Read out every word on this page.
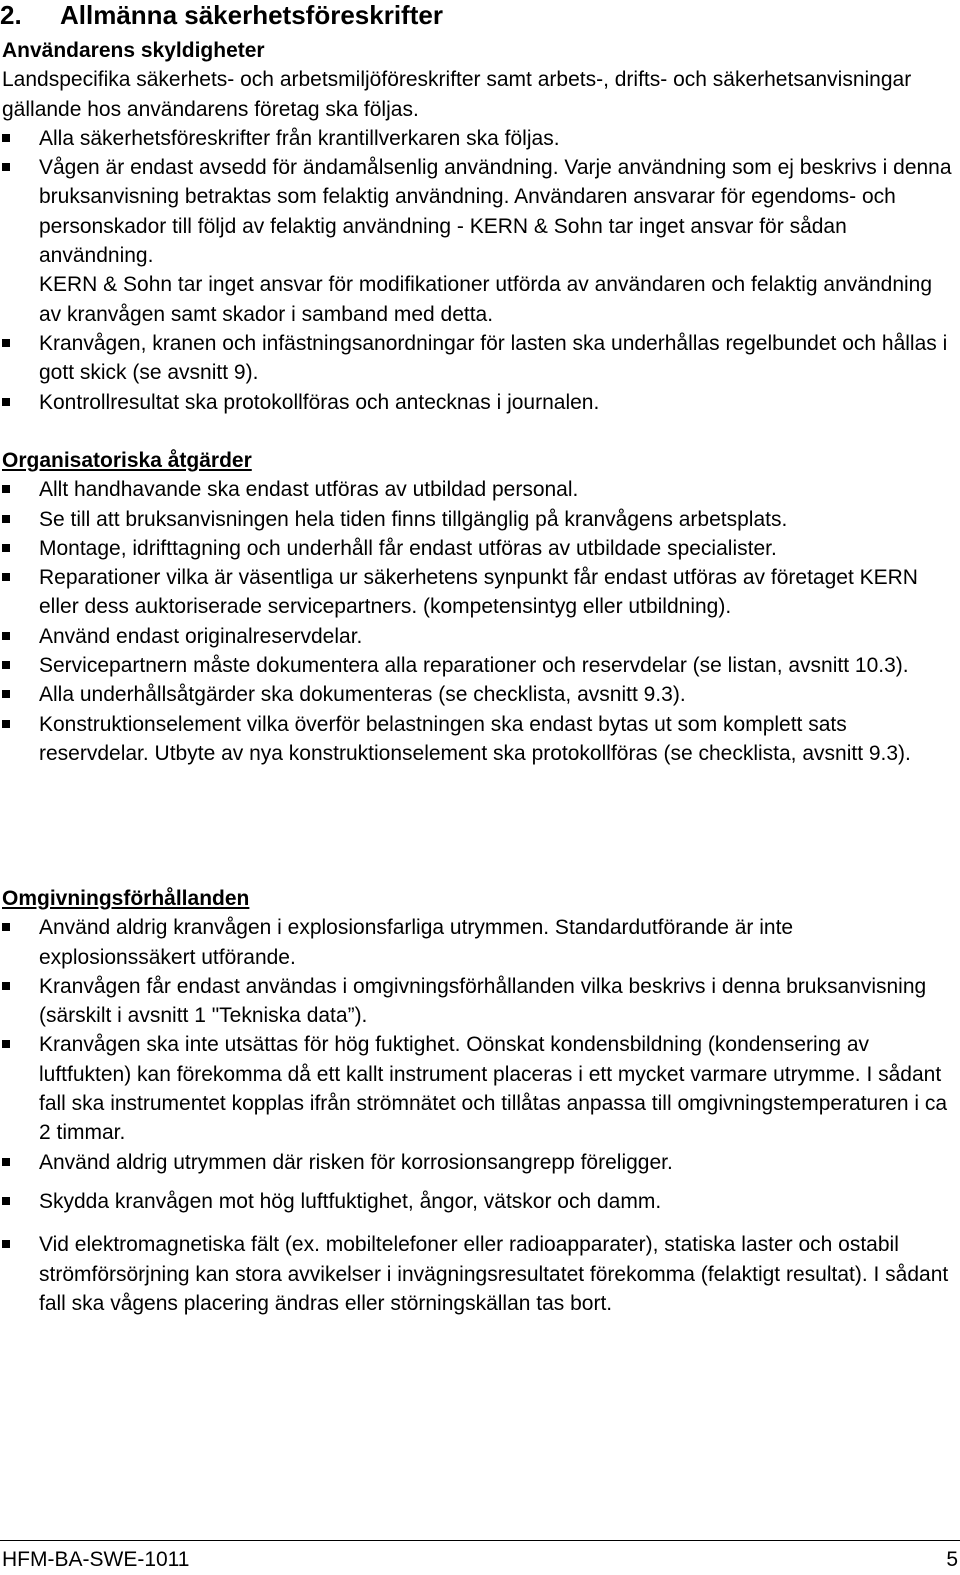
2. Allmänna säkerhetsföreskrifter
Användarens skyldigheter

Landspecifika säkerhets- och arbetsmiljöföreskrifter samt arbets-, drifts- och säkerhetsanvisningar gällande hos användarens företag ska följas.

Alla säkerhetsföreskrifter från krantillverkaren ska följas.
Vågen är endast avsedd för ändamålsenlig användning. Varje användning som ej beskrivs i denna bruksanvisning betraktas som felaktig användning. Användaren ansvarar för egendoms- och personskador till följd av felaktig användning - KERN & Sohn tar inget ansvar för sådan användning.
KERN & Sohn tar inget ansvar för modifikationer utförda av användaren och felaktig användning av kranvågen samt skador i samband med detta.
Kranvågen, kranen och infästningsanordningar för lasten ska underhållas regelbundet och hållas i gott skick (se avsnitt 9).
Kontrollresultat ska protokollföras och antecknas i journalen.
Organisatoriska åtgärder
Allt handhavande ska endast utföras av utbildad personal.
Se till att bruksanvisningen hela tiden finns tillgänglig på kranvågens arbetsplats.
Montage, idrifttagning och underhåll får endast utföras av utbildade specialister.
Reparationer vilka är väsentliga ur säkerhetens synpunkt får endast utföras av företaget KERN eller dess auktoriserade servicepartners. (kompetensintyg eller utbildning).
Använd endast originalreservdelar.
Servicepartnern måste dokumentera alla reparationer och reservdelar (se listan, avsnitt 10.3).
Alla underhållsåtgärder ska dokumenteras (se checklista, avsnitt 9.3).
Konstruktionselement vilka överför belastningen ska endast bytas ut som komplett sats reservdelar. Utbyte av nya konstruktionselement ska protokollföras (se checklista, avsnitt 9.3).
Omgivningsförhållanden
Använd aldrig kranvågen i explosionsfarliga utrymmen. Standardutförande är inte explosionssäkert utförande.
Kranvågen får endast användas i omgivningsförhållanden vilka beskrivs i denna bruksanvisning (särskilt i avsnitt 1 "Tekniska data”).
Kranvågen ska inte utsättas för hög fuktighet. Oönskat kondensbildning (kondensering av luftfukten) kan förekomma då ett kallt instrument placeras i ett mycket varmare utrymme. I sådant fall ska instrumentet kopplas ifrån strömnätet och tillåtas anpassa till omgivningstemperaturen i ca 2 timmar.
Använd aldrig utrymmen där risken för korrosionsangrepp föreligger.
Skydda kranvågen mot hög luftfuktighet, ångor, vätskor och damm.
Vid elektromagnetiska fält (ex. mobiltelefoner eller radioapparater), statiska laster och ostabil strömförsörjning kan stora avvikelser i invägningsresultatet förekomma (felaktigt resultat). I sådant fall ska vågens placering ändras eller störningskällan tas bort.
HFM-BA-SWE-1011	5
